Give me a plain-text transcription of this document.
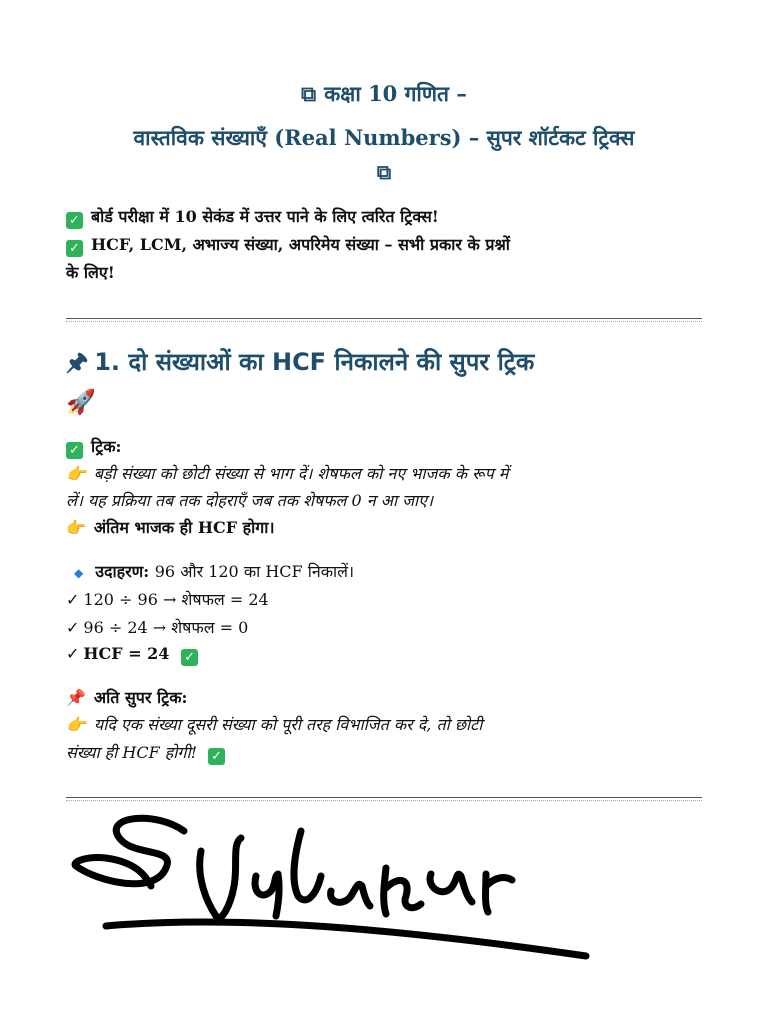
⧉ कक्षा 10 गणित –
वास्तविक संख्याएँ (Real Numbers) – सुपर शॉर्टकट ट्रिक्स
⧉
✓ बोर्ड परीक्षा में 10 सेकंड में उत्तर पाने के लिए त्वरित ट्रिक्स!
✓ HCF, LCM, अभाज्य संख्या, अपरिमेय संख्या – सभी प्रकार के प्रश्नों
के लिए!
🖈 1. दो संख्याओं का HCF निकालने की सुपर ट्रिक
🚀
✓ ट्रिक:
👉 बड़ी संख्या को छोटी संख्या से भाग दें। शेषफल को नए भाजक के रूप में
लें। यह प्रक्रिया तब तक दोहराएँ जब तक शेषफल 0 न आ जाए।
👉 अंतिम भाजक ही HCF होगा।
◆ उदाहरण: 96 और 120 का HCF निकालें।
✓ 120 ÷ 96 → शेषफल = 24
✓ 96 ÷ 24 → शेषफल = 0
✓ HCF = 24 ✓
📌 अति सुपर ट्रिक:
👉 यदि एक संख्या दूसरी संख्या को पूरी तरह विभाजित कर दे, तो छोटी
संख्या ही HCF होगी! ✓
